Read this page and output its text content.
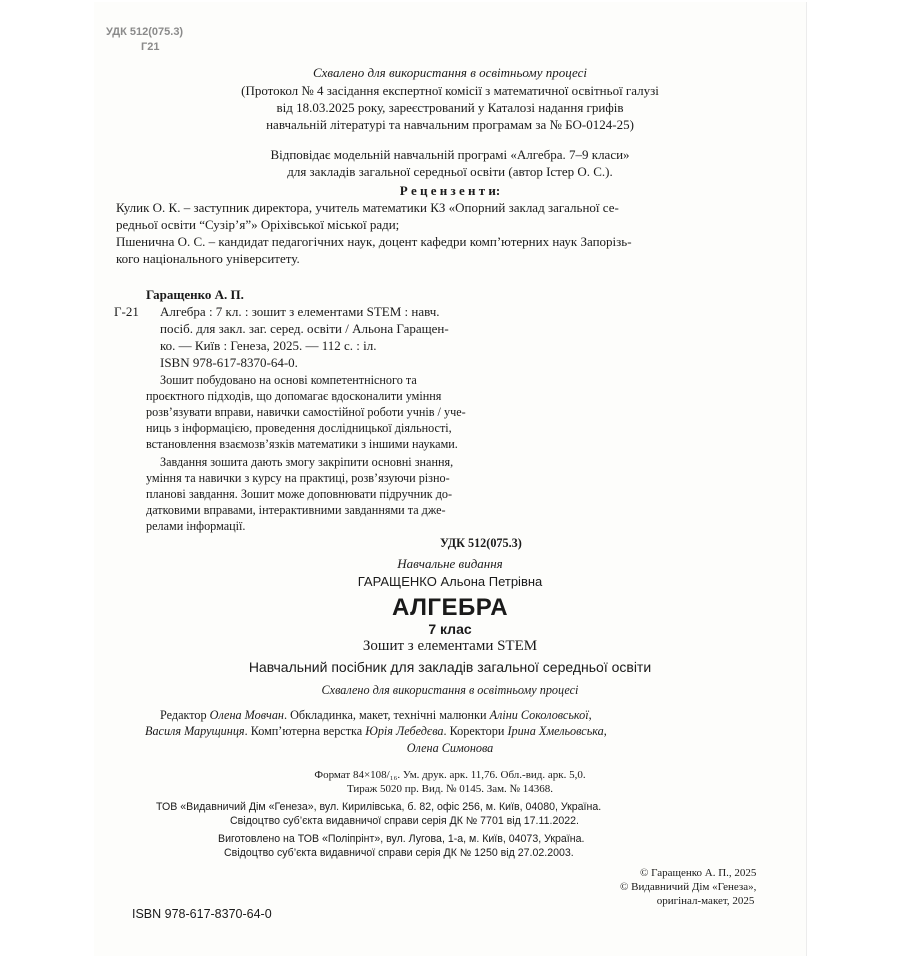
УДК 512(075.3)
Г21
Схвалено для використання в освітньому процесі
(Протокол № 4 засідання експертної комісії з математичної освітньої галузі
від 18.03.2025 року, зареєстрований у Каталозі надання грифів
навчальній літературі та навчальним програмам за № БО-0124-25)
Відповідає модельній навчальній програмі «Алгебра. 7–9 класи»
для закладів загальної середньої освіти (автор Істер О. С.).
Р е ц е н з е н т и:
Кулик О. К. – заступник директора, учитель математики КЗ «Опорний заклад загальної се-
редньої освіти “Сузір’я”» Оріхівської міської ради;
Пшенична О. С. – кандидат педагогічних наук, доцент кафедри комп’ютерних наук Запорізь-
кого національного університету.
Гаращенко А. П.
Г-21 Алгебра : 7 кл. : зошит з елементами STEM : навч.
посіб. для закл. заг. серед. освіти / Альона Гаращен-
ко. — Київ : Генеза, 2025. — 112 с. : іл.
ISBN 978-617-8370-64-0.
Зошит побудовано на основі компетентнісного та
проєктного підходів, що допомагає вдосконалити уміння
розв’язувати вправи, навички самостійної роботи учнів / уче-
ниць з інформацією, проведення дослідницької діяльності,
встановлення взаємозв’язків математики з іншими науками.
Завдання зошита дають змогу закріпити основні знання,
уміння та навички з курсу на практиці, розв’язуючи різно-
планові завдання. Зошит може доповнювати підручник до-
датковими вправами, інтерактивними завданнями та дже-
релами інформації.
УДК 512(075.3)
Навчальне видання
ГАРАЩЕНКО Альона Петрівна
АЛГЕБРА
7 клас
Зошит з елементами STEM
Навчальний посібник для закладів загальної середньої освіти
Схвалено для використання в освітньому процесі
Редактор Олена Мовчан. Обкладинка, макет, технічні малюнки Аліни Соколовської,
Василя Марущинця. Комп’ютерна верстка Юрія Лебедєва. Коректори Ірина Хмельовська,
Олена Симонова
Формат 84×108/₁₆. Ум. друк. арк. 11,76. Обл.-вид. арк. 5,0.
Тираж 5020 пр. Вид. № 0145. Зам. № 14368.
ТОВ «Видавничий Дім «Генеза», вул. Кирилівська, б. 82, офіс 256, м. Київ, 04080, Україна.
Свідоцтво суб’єкта видавничої справи серія ДК № 7701 від 17.11.2022.
Виготовлено на ТОВ «Поліпрінт», вул. Лугова, 1-а, м. Київ, 04073, Україна.
Свідоцтво суб’єкта видавничої справи серія ДК № 1250 від 27.02.2003.
© Гаращенко А. П., 2025
© Видавничий Дім «Генеза»,
оригінал-макет, 2025
ISBN 978-617-8370-64-0
